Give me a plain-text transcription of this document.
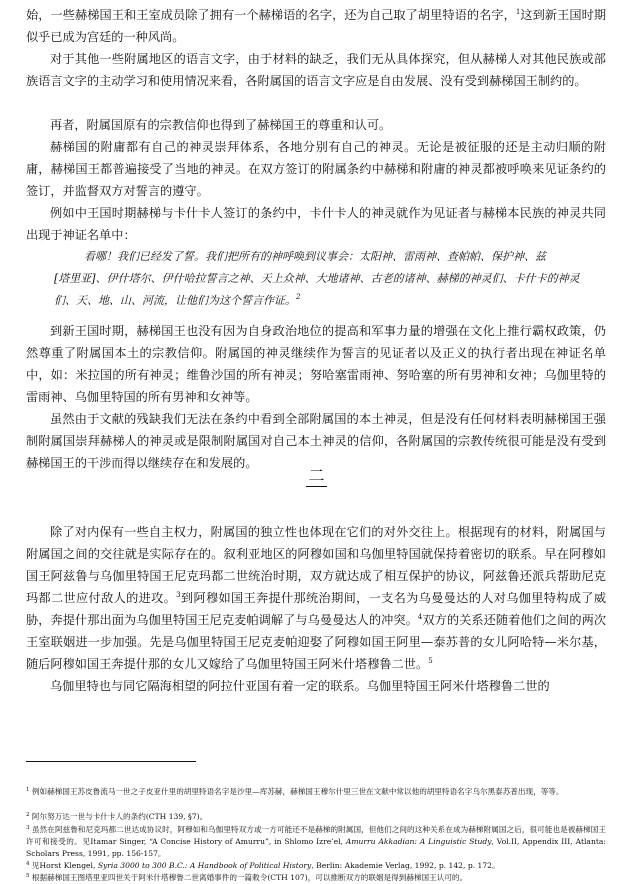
始，一些赫梯国王和王室成员除了拥有一个赫梯语的名字，还为自己取了胡里特语的名字，$^1$这到新王国时期似乎已成为宫廷的一种风尚。

对于其他一些附属地区的语言文字，由于材料的缺乏，我们无从具体探究，但从赫梯人对其他民族或部族语言文字的主动学习和使用情况来看，各附属国的语言文字应是自由发展、没有受到赫梯国王制约的。

再者，附属国原有的宗教信仰也得到了赫梯国王的尊重和认可。

赫梯国的附庸都有自己的神灵崇拜体系，各地分别有自己的神灵。无论是被征服的还是主动归顺的附庸，赫梯国王都普遍接受了当地的神灵。在双方签订的附属条约中赫梯和附庸的神灵都被呼唤来见证条约的签订，并监督双方对誓言的遵守。

例如中王国时期赫梯与卡什卡人签订的条约中，卡什卡人的神灵就作为见证者与赫梯本民族的神灵共同出现于神证名单中：

看哪！我们已经发了誓。我们把所有的神呼唤到议事会：太阳神、雷雨神、查帕帕、保护神、兹

[塔里亚]、伊什塔尔、伊什哈拉誓言之神、天上众神、大地诸神、古老的诸神、赫梯的神灵们、卡什卡的神灵们、天、地、山、河流，让他们为这个誓言作证。$^2$

到新王国时期，赫梯国王也没有因为自身政治地位的提高和军事力量的增强在文化上推行霸权政策，仍然尊重了附属国本土的宗教信仰。附属国的神灵继续作为誓言的见证者以及正义的执行者出现在神证名单中，如：米拉国的所有神灵；维鲁沙国的所有神灵；努哈塞雷雨神、努哈塞的所有男神和女神；乌伽里特的雷雨神、乌伽里特国的所有男神和女神等。

虽然由于文献的残缺我们无法在条约中看到全部附属国的本土神灵，但是没有任何材料表明赫梯国王强制附属国崇拜赫梯人的神灵或是限制附属国对自己本土神灵的信仰，各附属国的宗教传统很可能是没有受到赫梯国王的干涉而得以继续存在和发展的。

二

除了对内保有一些自主权力，附属国的独立性也体现在它们的对外交往上。根据现有的材料，附属国与附属国之间的交往就是实际存在的。叙利亚地区的阿穆如国和乌伽里特国就保持着密切的联系。早在阿穆如国王阿兹鲁与乌伽里特国王尼克玛都二世统治时期，双方就达成了相互保护的协议，阿兹鲁还派兵帮助尼克玛都二世应付敌人的进攻。$^3$到阿穆如国王奔提什那统治期间，一支名为乌曼曼达的人对乌伽里特构成了威胁，奔提什那出面为乌伽里特国王尼克麦帕调解了与乌曼曼达人的冲突。$^4$双方的关系还随着他们之间的两次王室联姻进一步加强。先是乌伽里特国王尼克麦帕迎娶了阿穆如国王阿里—泰苏普的女儿阿哈特—米尔基，随后阿穆如国王奔提什那的女儿又嫁给了乌伽里特国王阿米什塔穆鲁二世。$^5$

乌伽里特也与同它隔海相望的阿拉什亚国有着一定的联系。乌伽里特国王阿米什塔穆鲁二世的

$^1$ 例如赫梯国王苏皮鲁流马一世之子皮亚什里的胡里特语名字是沙里—库苏赫，赫梯国王穆尔什里三世在文献中常以他的胡里特语名字乌尔黑泰苏普出现，等等。

$^2$ 阿尔努万达一世与卡什卡人的条约(CTH 139, §7)。

$^3$ 虽然在阿兹鲁和尼克玛都二世达成协议时，阿穆如和乌伽里特双方或一方可能还不是赫梯的附属国，但他们之间的这种关系在成为赫梯附属国之后，很可能也是被赫梯国王许可和接受的。见Itamar Singer, “A Concise History of Amurru”, in Shlomo Izre’el, Amurru Akkadian: A Linguistic Study, Vol.II, Appendix III, Atlanta: Scholars Press, 1991, pp. 156-157。

$^4$ 见Horst Klengel, Syria 3000 to 300 B.C.: A Handbook of Political History, Berlin: Akademie Verlag, 1992, p. 142, p. 172。

$^5$ 根据赫梯国王图塔里亚四世关于阿米什塔穆鲁二世离婚事件的一篇敕令(CTH 107)，可以推断双方的联姻是得到赫梯国王认可的。
